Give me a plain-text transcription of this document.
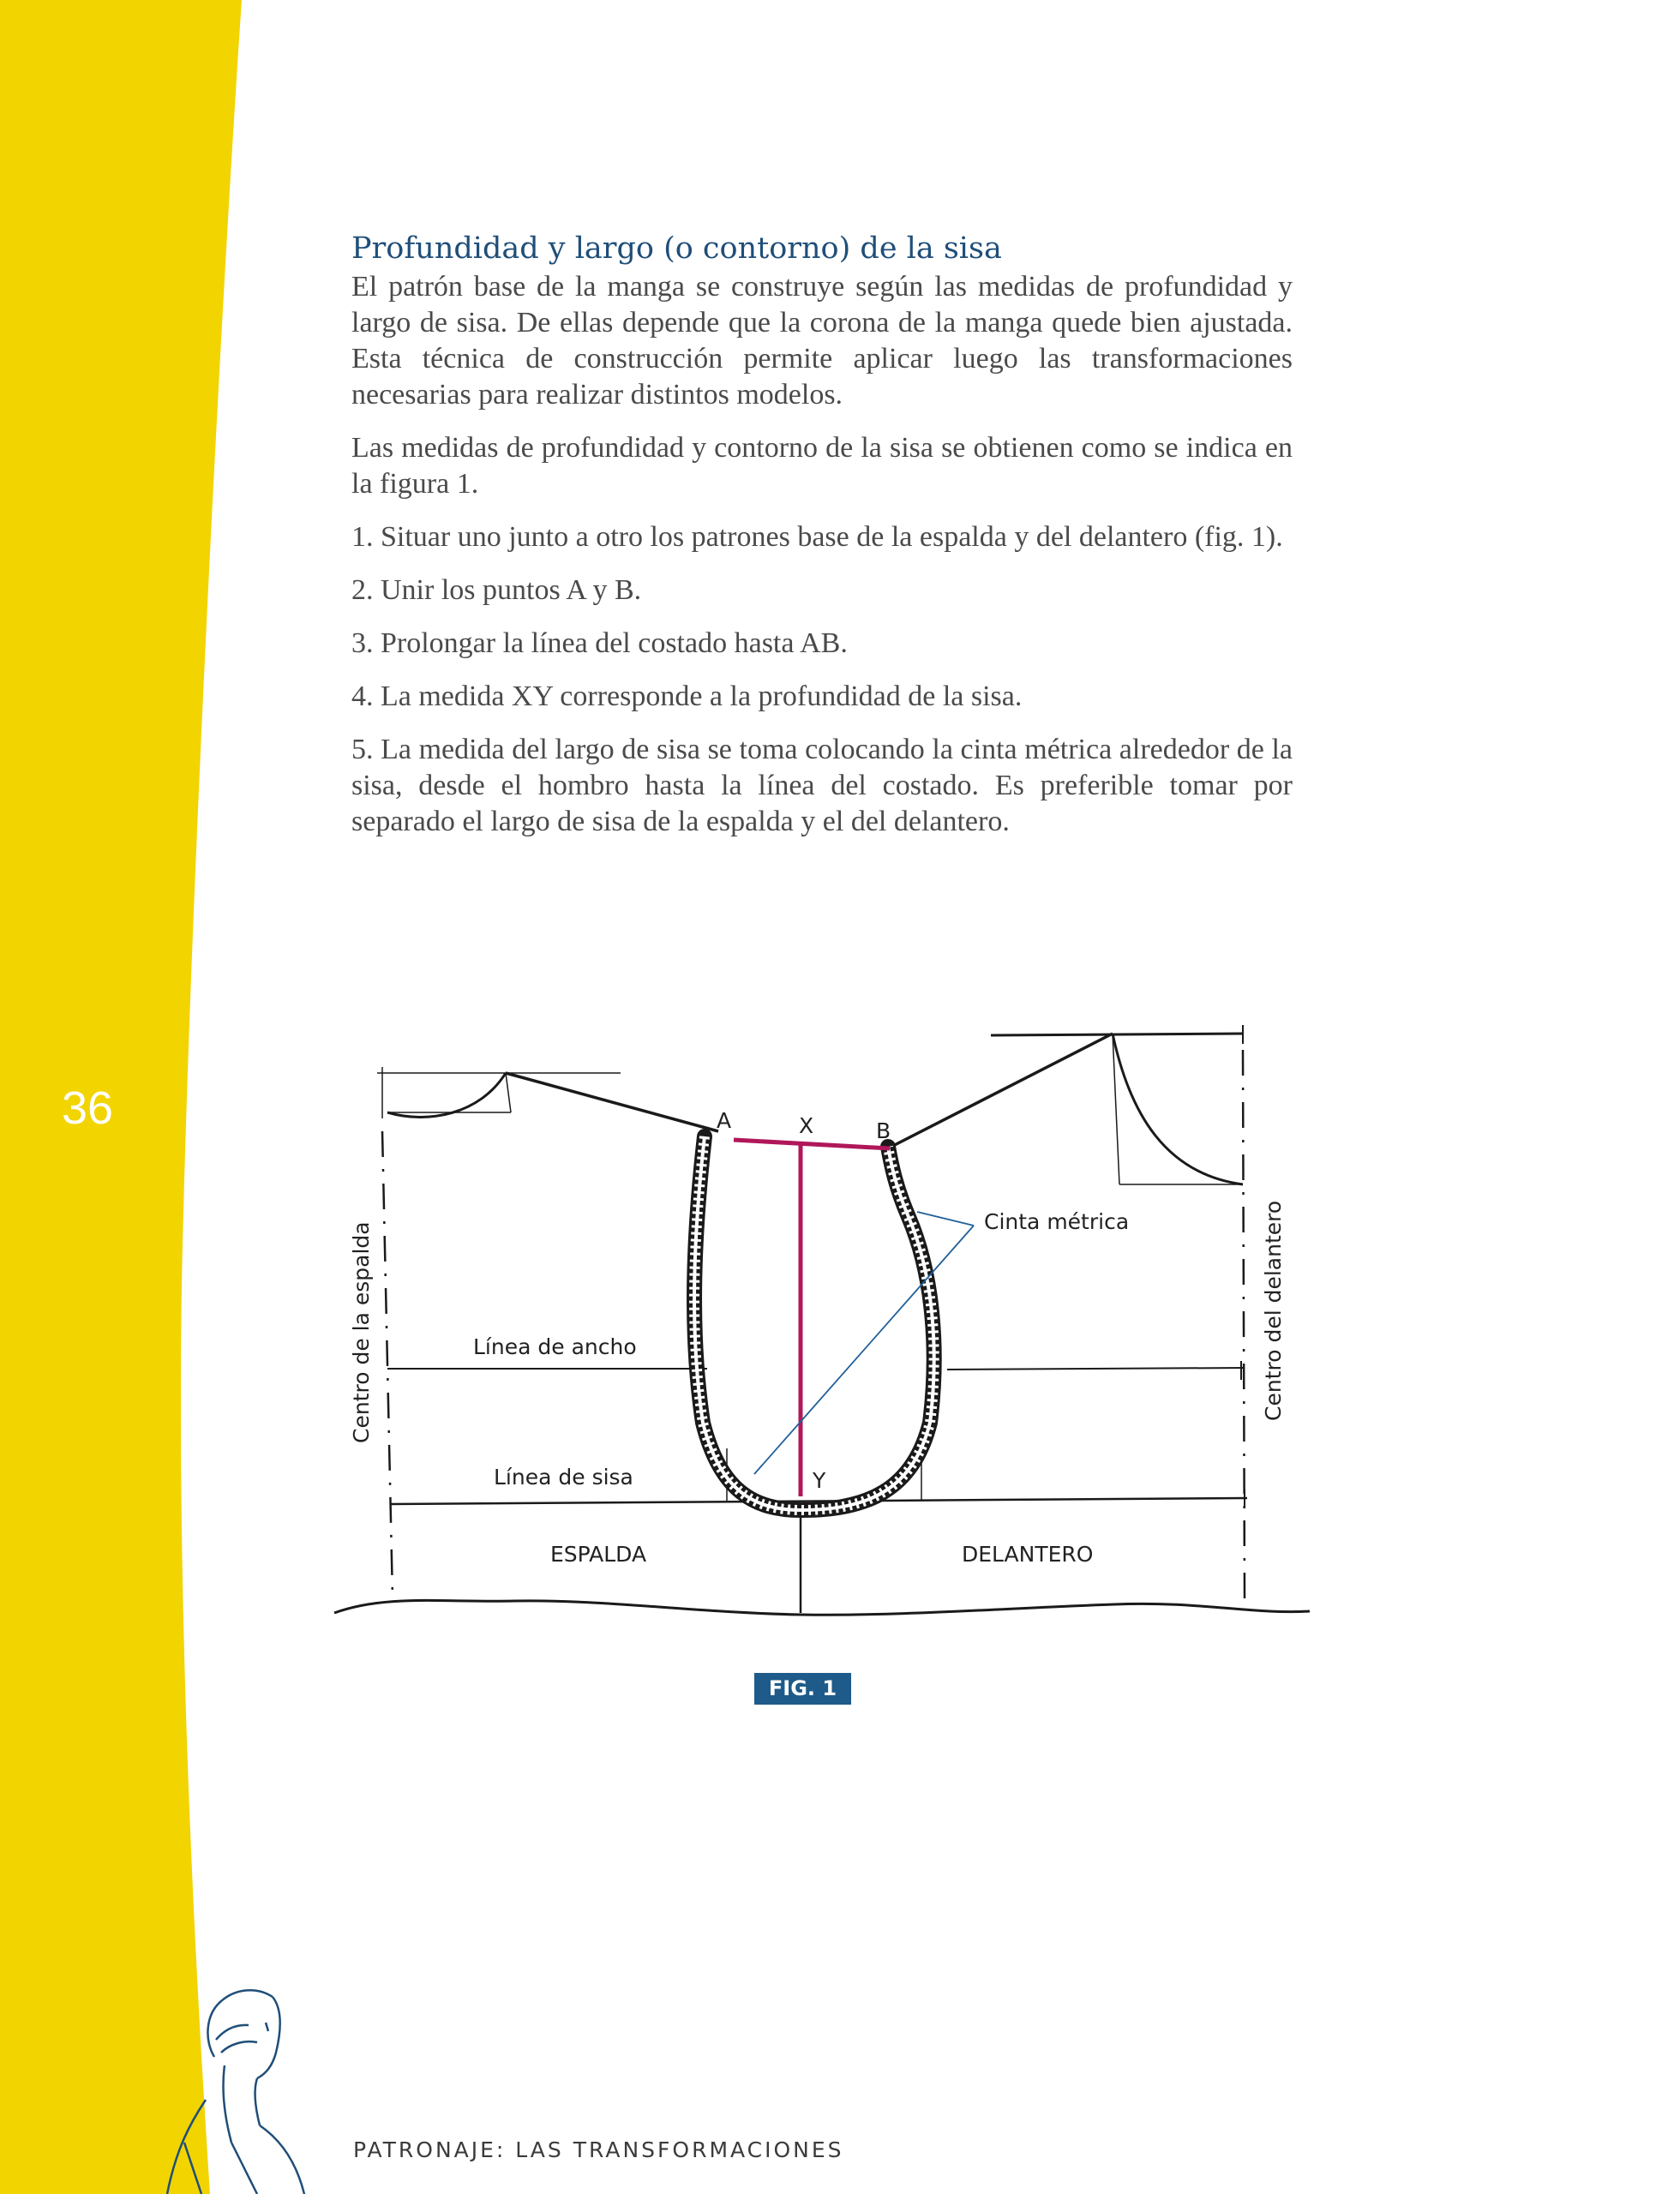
36
Profundidad y largo (o contorno) de la sisa

El patrón base de la manga se construye según las medidas de profundidad y largo de sisa. De ellas depende que la corona de la manga quede bien ajustada. Esta técnica de construcción permite aplicar luego las transformaciones necesarias para realizar distintos modelos.

Las medidas de profundidad y contorno de la sisa se obtienen como se indica en la figura 1.

1. Situar uno junto a otro los patrones base de la espalda y del delantero (fig. 1).

2. Unir los puntos A y B.

3. Prolongar la línea del costado hasta AB.

4. La medida XY corresponde a la profundidad de la sisa.

5. La medida del largo de sisa se toma colocando la cinta métrica alrededor de la sisa, desde el hombro hasta la línea del costado. Es preferible tomar por separado el largo de sisa de la espalda y el del delantero.

A	X	B
Y
Cinta métrica
Línea de ancho
Línea de sisa
ESPALDA	DELANTERO
Centro de la espalda	Centro del delantero
FIG. 1
PATRONAJE: LAS TRANSFORMACIONES
